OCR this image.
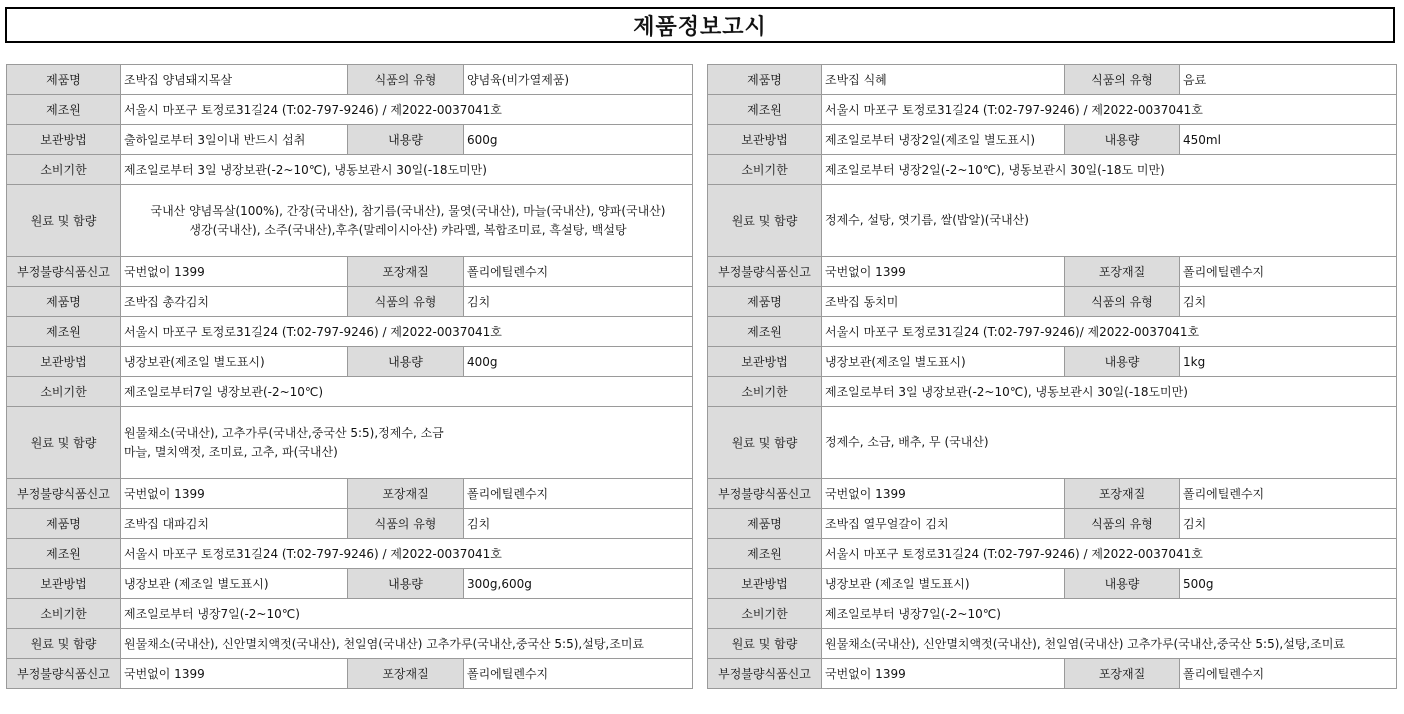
제품정보고시
제품명	조박집 양념돼지목살	식품의 유형	양념육(비가열제품)
제조원	서울시 마포구 토정로31길24 (T:02-797-9246) / 제2022-0037041호		
보관방법	출하일로부터 3일이내 반드시 섭취	내용량	600g
소비기한	제조일로부터 3일 냉장보관(-2~10℃), 냉동보관시 30일(-18도미만)		
원료 및 함량	국내산 양념목살(100%), 간장(국내산), 참기름(국내산), 물엿(국내산), 마늘(국내산), 양파(국내산)
생강(국내산), 소주(국내산),후추(말레이시아산) 캬라멜, 복합조미료, 흑설탕, 백설탕		
부정불량식품신고	국번없이 1399	포장재질	폴리에틸렌수지
제품명	조박집 총각김치	식품의 유형	김치
제조원	서울시 마포구 토정로31길24 (T:02-797-9246) / 제2022-0037041호		
보관방법	냉장보관(제조일 별도표시)	내용량	400g
소비기한	제조일로부터7일 냉장보관(-2~10℃)		
원료 및 함량	원물채소(국내산), 고추가루(국내산,중국산 5:5),정제수, 소금
마늘, 멸치액젓, 조미료, 고추, 파(국내산)		
부정불량식품신고	국번없이 1399	포장재질	폴리에틸렌수지
제품명	조박집 대파김치	식품의 유형	김치
제조원	서울시 마포구 토정로31길24 (T:02-797-9246) / 제2022-0037041호		
보관방법	냉장보관 (제조일 별도표시)	내용량	300g,600g
소비기한	제조일로부터 냉장7일(-2~10℃)		
원료 및 함량	원물채소(국내산), 신안멸치액젓(국내산), 천일염(국내산) 고추가루(국내산,중국산 5:5),설탕,조미료		
부정불량식품신고	국번없이 1399	포장재질	폴리에틸렌수지
제품명	조박집 식혜	식품의 유형	음료
제조원	서울시 마포구 토정로31길24 (T:02-797-9246) / 제2022-0037041호		
보관방법	제조일로부터 냉장2일(제조일 별도표시)	내용량	450ml
소비기한	제조일로부터 냉장2일(-2~10℃), 냉동보관시 30일(-18도 미만)		
원료 및 함량	정제수, 설탕, 엿기름, 쌀(밥알)(국내산)		
부정불량식품신고	국번없이 1399	포장재질	폴리에틸렌수지
제품명	조박집 동치미	식품의 유형	김치
제조원	서울시 마포구 토정로31길24 (T:02-797-9246)/ 제2022-0037041호		
보관방법	냉장보관(제조일 별도표시)	내용량	1kg
소비기한	제조일로부터 3일 냉장보관(-2~10℃), 냉동보관시 30일(-18도미만)		
원료 및 함량	정제수, 소금, 배추, 무 (국내산)		
부정불량식품신고	국번없이 1399	포장재질	폴리에틸렌수지
제품명	조박집 열무얼갈이 김치	식품의 유형	김치
제조원	서울시 마포구 토정로31길24 (T:02-797-9246) / 제2022-0037041호		
보관방법	냉장보관 (제조일 별도표시)	내용량	500g
소비기한	제조일로부터 냉장7일(-2~10℃)		
원료 및 함량	원물채소(국내산), 신안멸치액젓(국내산), 천일염(국내산) 고추가루(국내산,중국산 5:5),설탕,조미료		
부정불량식품신고	국번없이 1399	포장재질	폴리에틸렌수지
